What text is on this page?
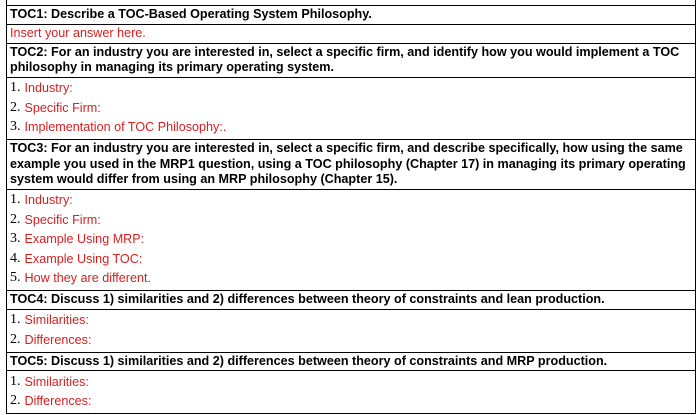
TOC1: Describe a TOC-Based Operating System Philosophy.
Insert your answer here.
TOC2: For an industry you are interested in, select a specific firm, and identify how you would implement a TOC philosophy in managing its primary operating system.
1. Industry:
2. Specific Firm:
3. Implementation of TOC Philosophy:.
TOC3: For an industry you are interested in, select a specific firm, and describe specifically, how using the same example you used in the MRP1 question, using a TOC philosophy (Chapter 17) in managing its primary operating system would differ from using an MRP philosophy (Chapter 15).
1. Industry:
2. Specific Firm:
3. Example Using MRP:
4. Example Using TOC:
5. How they are different.
TOC4: Discuss 1) similarities and 2) differences between theory of constraints and lean production.
1. Similarities:
2. Differences:
TOC5: Discuss 1) similarities and 2) differences between theory of constraints and MRP production.
1. Similarities:
2. Differences:
